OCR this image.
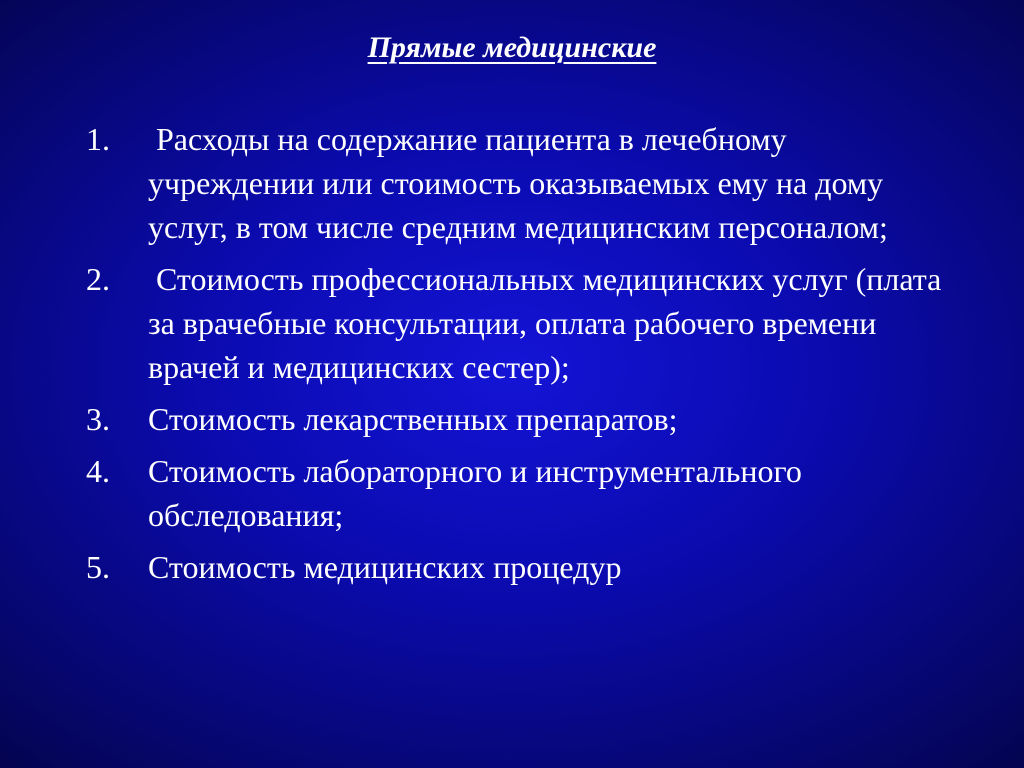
Прямые медицинские
1.	Расходы на содержание пациента в лечебному учреждении или стоимость оказываемых ему на дому услуг, в том числе средним медицинским персоналом;
2.	Стоимость профессиональных медицинских услуг (плата за врачебные консультации, оплата рабочего времени врачей и медицинских сестер);
3.	Стоимость лекарственных препаратов;
4.	Стоимость лабораторного и инструментального обследования;
5.	Стоимость медицинских процедур
